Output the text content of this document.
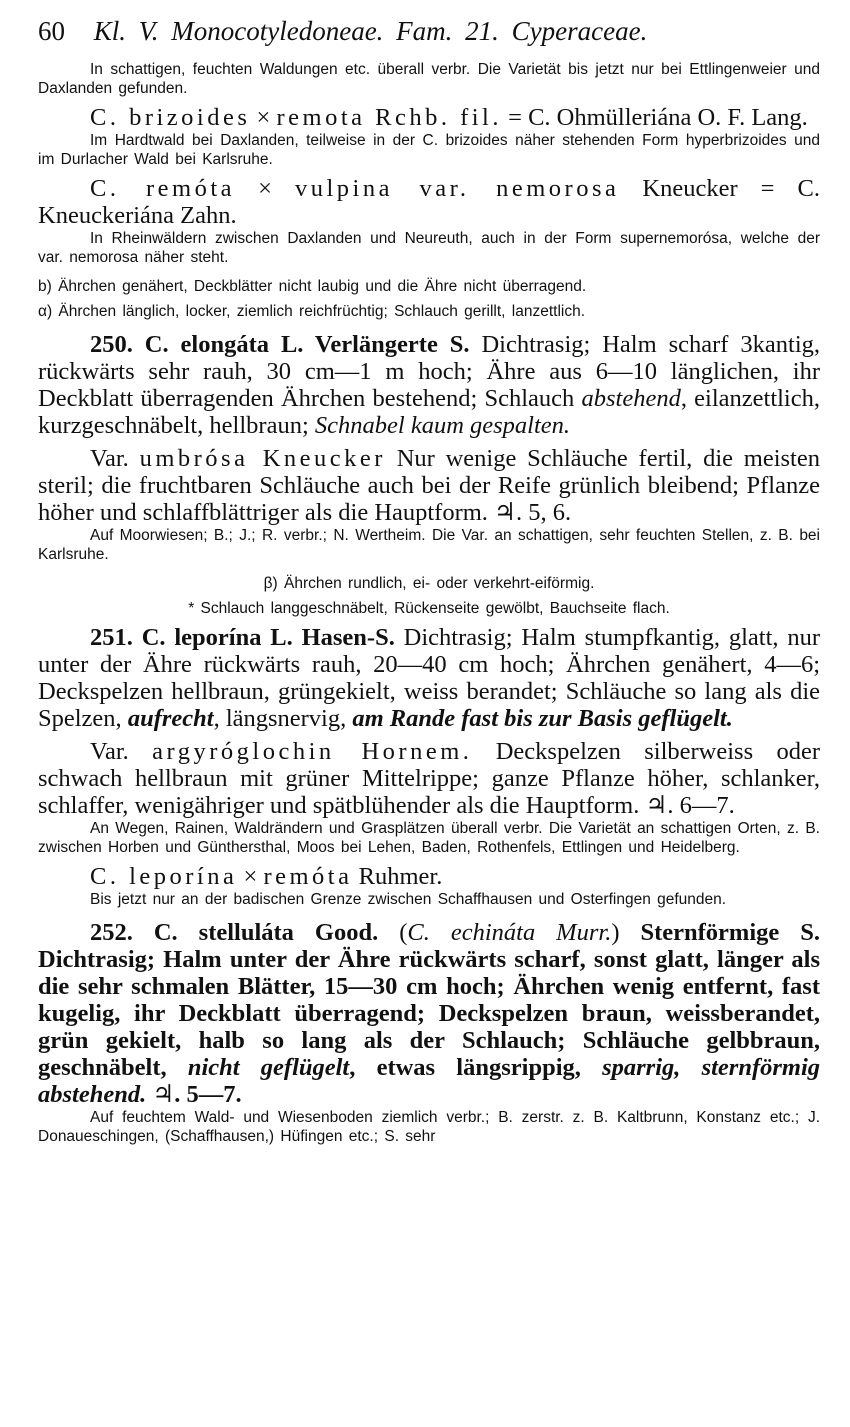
60 Kl. V. Monocotyledoneae. Fam. 21. Cyperaceae.

In schattigen, feuchten Waldungen etc. überall verbr. Die Varietät bis jetzt nur bei Ettlingenweier und Daxlanden gefunden.

C. brizoides × remota Rchb. fil. = C. Ohmülleriána O. F. Lang.

Im Hardtwald bei Daxlanden, teilweise in der C. brizoides näher stehenden Form hyperbrizoides und im Durlacher Wald bei Karlsruhe.

C. remóta × vulpina var. nemorosa Kneucker = C. Kneuckeriána Zahn.

In Rheinwäldern zwischen Daxlanden und Neureuth, auch in der Form supernemorósa, welche der var. nemorosa näher steht.

b) Ährchen genähert, Deckblätter nicht laubig und die Ähre nicht überragend.

α) Ährchen länglich, locker, ziemlich reichfrüchtig; Schlauch gerillt, lanzettlich.

250. C. elongáta L. Verlängerte S. Dichtrasig; Halm scharf 3kantig, rückwärts sehr rauh, 30 cm—1 m hoch; Ähre aus 6—10 länglichen, ihr Deckblatt überragenden Ährchen bestehend; Schlauch abstehend, eilanzettlich, kurzgeschnäbelt, hellbraun; Schnabel kaum gespalten.

Var. umbrósa Kneucker Nur wenige Schläuche fertil, die meisten steril; die fruchtbaren Schläuche auch bei der Reife grünlich bleibend; Pflanze höher und schlaffblättriger als die Hauptform. ♃. 5, 6.

Auf Moorwiesen; B.; J.; R. verbr.; N. Wertheim. Die Var. an schattigen, sehr feuchten Stellen, z. B. bei Karlsruhe.

β) Ährchen rundlich, ei- oder verkehrt-eiförmig.

* Schlauch langgeschnäbelt, Rückenseite gewölbt, Bauchseite flach.

251. C. leporína L. Hasen-S. Dichtrasig; Halm stumpfkantig, glatt, nur unter der Ähre rückwärts rauh, 20—40 cm hoch; Ährchen genähert, 4—6; Deckspelzen hellbraun, grüngekielt, weiss berandet; Schläuche so lang als die Spelzen, aufrecht, längsnervig, am Rande fast bis zur Basis geflügelt.

Var. argyróglochin Hornem. Deckspelzen silberweiss oder schwach hellbraun mit grüner Mittelrippe; ganze Pflanze höher, schlanker, schlaffer, wenigähriger und spätblühender als die Hauptform. ♃. 6—7.

An Wegen, Rainen, Waldrändern und Grasplätzen überall verbr. Die Varietät an schattigen Orten, z. B. zwischen Horben und Günthersthal, Moos bei Lehen, Baden, Rothenfels, Ettlingen und Heidelberg.

C. leporína × remóta Ruhmer.

Bis jetzt nur an der badischen Grenze zwischen Schaffhausen und Osterfingen gefunden.

252. C. stelluláta Good. (C. echináta Murr.) Sternförmige S. Dichtrasig; Halm unter der Ähre rückwärts scharf, sonst glatt, länger als die sehr schmalen Blätter, 15—30 cm hoch; Ährchen wenig entfernt, fast kugelig, ihr Deckblatt überragend; Deckspelzen braun, weissberandet, grün gekielt, halb so lang als der Schlauch; Schläuche gelbbraun, geschnäbelt, nicht geflügelt, etwas längsrippig, sparrig, sternförmig abstehend. ♃. 5—7.

Auf feuchtem Wald- und Wiesenboden ziemlich verbr.; B. zerstr. z. B. Kaltbrunn, Konstanz etc.; J. Donaueschingen, (Schaffhausen,) Hüfingen etc.; S. sehr
